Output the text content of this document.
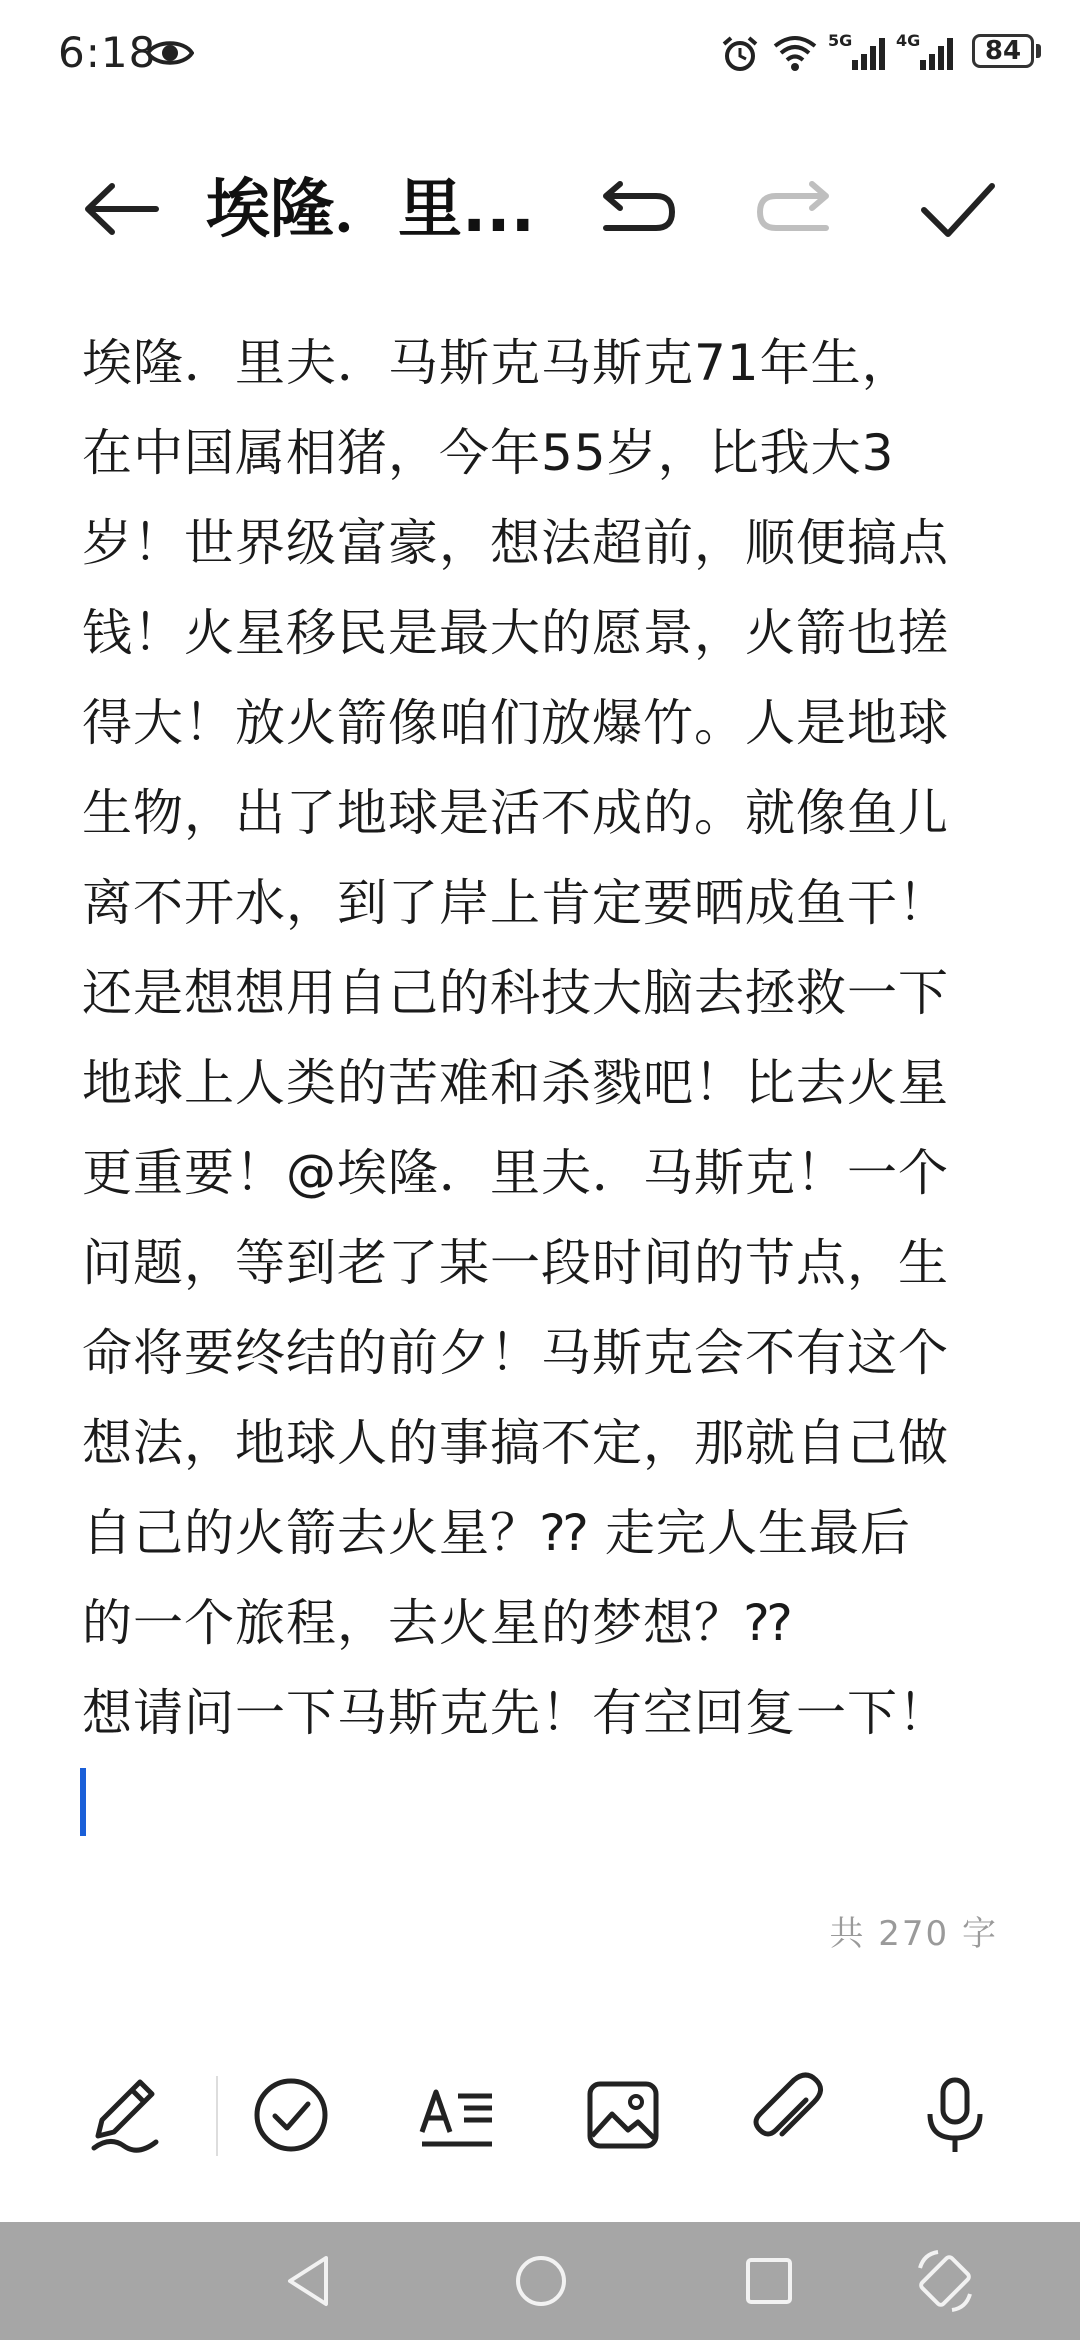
6:18	5G	4G	84
埃隆．里...

埃隆．里夫．马斯克马斯克71年生，

在中国属相猪，今年55岁，比我大3

岁！世界级富豪，想法超前，顺便搞点

钱！火星移民是最大的愿景，火箭也搓

得大！放火箭像咱们放爆竹。人是地球

生物，出了地球是活不成的。就像鱼儿

离不开水，到了岸上肯定要晒成鱼干！

还是想想用自己的科技大脑去拯救一下

地球上人类的苦难和杀戮吧！比去火星

更重要！@埃隆．里夫．马斯克！一个

问题，等到老了某一段时间的节点，生

命将要终结的前夕！马斯克会不有这个

想法，地球人的事搞不定，那就自己做

自己的火箭去火星？⁇ 走完人生最后

的一个旅程，去火星的梦想？⁇

想请问一下马斯克先！有空回复一下！

共 270 字
